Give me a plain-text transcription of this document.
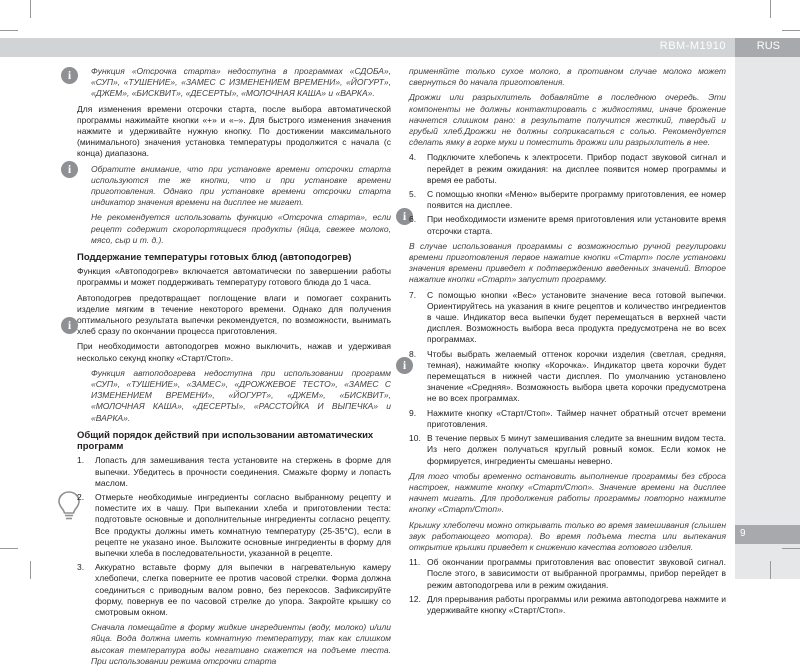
RBM-M1910	RUS
9
i
i
i
i
i

Функция «Отсрочка старта» недоступна в программах «СДОБА», «СУП», «ТУШЕНИЕ», «ЗАМЕС С ИЗМЕНЕНИЕМ ВРЕМЕНИ», «ЙОГУРТ», «ДЖЕМ», «БИСКВИТ», «ДЕСЕРТЫ», «МОЛОЧНАЯ КАША» и «ВАРКА».

Для изменения времени отсрочки старта, после выбора автоматической программы нажимайте кнопки «+» и «–». Для быстрого изменения значения нажмите и удерживайте нужную кнопку. По достижении максимального (минимального) значения установка температуры продолжится с начала (с конца) диапазона.

Обратите внимание, что при установке времени отсрочки старта используются те же кнопки, что и при установке времени приготовления. Однако при установке времени отсрочки старта индикатор значения времени на дисплее не мигает.

Не рекомендуется использовать функцию «Отсрочка старта», если рецепт содержит скоропортящиеся продукты (яйца, свежее молоко, мясо, сыр и т. д.).

Поддержание температуры готовых блюд (автоподогрев)

Функция «Автоподогрев» включается автоматически по завершении работы программы и может поддерживать температуру готового блюда до 1 часа.

Автоподогрев предотвращает поглощение влаги и помогает сохранить изделие мягким в течение некоторого времени. Однако для получения оптимального результата выпечки рекомендуется, по возможности, вынимать хлеб сразу по окончании процесса приготовления.

При необходимости автоподогрев можно выключить, нажав и удерживая несколько секунд кнопку «Старт/Стоп».

Функция автоподогрева недоступна при использовании программ «СУП», «ТУШЕНИЕ», «ЗАМЕС», «ДРОЖЖЕВОЕ ТЕСТО», «ЗАМЕС С ИЗМЕНЕНИЕМ ВРЕМЕНИ», «ЙОГУРТ», «ДЖЕМ», «БИСКВИТ», «МОЛОЧНАЯ КАША», «ДЕСЕРТЫ», «РАССТОЙКА И ВЫПЕЧКА» и «ВАРКА».

Общий порядок действий при использовании автоматических программ
1.	Лопасть для замешивания теста установите на стержень в форме для выпечки. Убедитесь в прочности соединения. Смажьте форму и лопасть маслом.
2.	Отмерьте необходимые ингредиенты согласно выбранному рецепту и поместите их в чашу. При выпекании хлеба и приготовлении теста: подготовьте основные и дополнительные ингредиенты согласно рецепту. Все продукты должны иметь комнатную температуру (25-35°С), если в рецепте не указано иное. Выложите основные ингредиенты в форму для выпечки хлеба в последовательности, указанной в рецепте.
3.	Аккуратно вставьте форму для выпечки в нагревательную камеру хлебопечи, слегка поверните ее против часовой стрелки. Форма должна соединиться с приводным валом ровно, без перекосов. Зафиксируйте форму, повернув ее по часовой стрелке до упора. Закройте крышку со смотровым окном.

Сначала помещайте в форму жидкие ингредиенты (воду, молоко) и/или яйца. Вода должна иметь комнатную температуру, так как слишком высокая температура воды негативно скажется на подъеме теста. При использовании режима отсрочки старта

применяйте только сухое молоко, в противном случае молоко может свернуться до начала приготовления.

Дрожжи или разрыхлитель добавляйте в последнюю очередь. Эти компоненты не должны контактировать с жидкостями, иначе брожение начнется слишком рано: в результате получится жесткий, твердый и грубый хлеб.Дрожжи не должны соприкасаться с солью. Рекомендуется сделать ямку в горке муки и поместить дрожжи или разрыхлитель в нее.

4.	Подключите хлебопечь к электросети. Прибор подаст звуковой сигнал и перейдет в режим ожидания: на дисплее появится номер программы и время ее работы.
5.	С помощью кнопки «Меню» выберите программу приготовления, ее номер появится на дисплее.
6.	При необходимости измените время приготовления или установите время отсрочки старта.

В случае использования программы с возможностью ручной регулировки времени приготовления первое нажатие кнопки «Старт» после установки значения времени приведет к подтверждению введенных значений. Второе нажатие кнопки «Старт» запустит программу.

7.	С помощью кнопки «Вес» установите значение веса готовой выпечки. Ориентируйтесь на указания в книге рецептов и количество ингредиентов в чаше. Индикатор веса выпечки будет перемещаться в верхней части дисплея. Возможность выбора веса продукта предусмотрена не во всех программах.
8.	Чтобы выбрать желаемый оттенок корочки изделия (светлая, средняя, темная), нажимайте кнопку «Корочка». Индикатор цвета корочки будет перемещаться в нижней части дисплея. По умолчанию установлено значение «Средняя». Возможность выбора цвета корочки предусмотрена не во всех программах.
9.	Нажмите кнопку «Старт/Стоп». Таймер начнет обратный отсчет времени приготовления.
10. В течение первых 5 минут замешивания следите за внешним видом теста. Из него должен получаться круглый ровный комок. Если комок не формируется, ингредиенты смешаны неверно.

Для того чтобы временно остановить выполнение программы без сброса настроек, нажмите кнопку «Старт/Стоп». Значение времени на дисплее начнет мигать. Для продолжения работы программы повторно нажмите кнопку «Старт/Стоп».

Крышку хлебопечи можно открывать только во время замешивания (слышен звук работающего мотора). Во время подъема теста или выпекания открытие крышки приведет к снижению качества готового изделия.

11. Об окончании программы приготовления вас оповестит звуковой сигнал. После этого, в зависимости от выбранной программы, прибор перейдет в режим автоподогрева или в режим ожидания.
12. Для прерывания работы программы или режима автоподогрева нажмите и удерживайте кнопку «Старт/Стоп».
